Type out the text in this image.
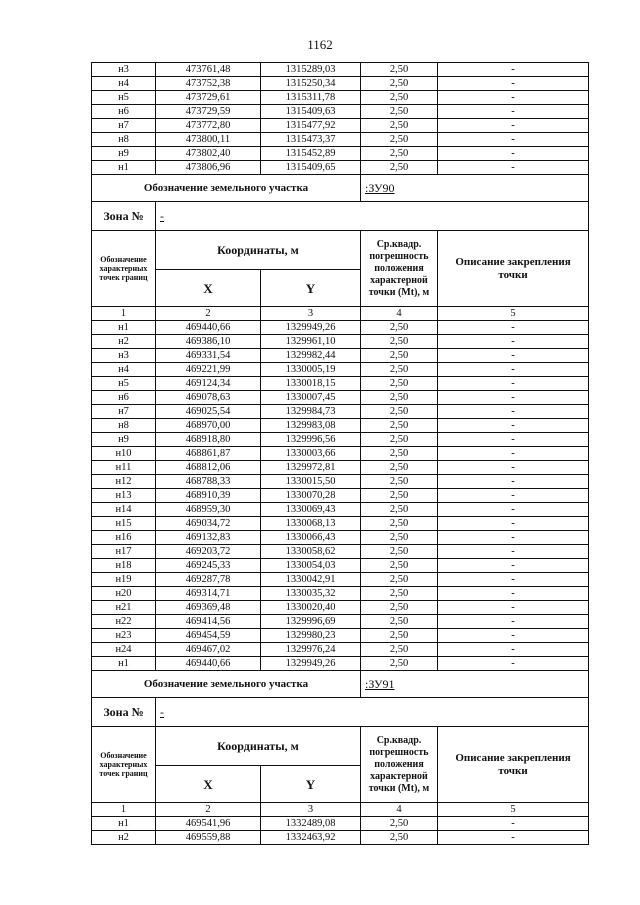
1162
н3	473761,48	1315289,03	2,50	-
н4	473752,38	1315250,34	2,50	-
н5	473729,61	1315311,78	2,50	-
н6	473729,59	1315409,63	2,50	-
н7	473772,80	1315477,92	2,50	-
н8	473800,11	1315473,37	2,50	-
н9	473802,40	1315452,89	2,50	-
н1	473806,96	1315409,65	2,50	-
Обозначение земельного участка			:ЗУ90	
Зона №	-			
Обозначение характерных точек границ	Координаты, м		Ср.квадр. погрешность положения характерной точки (Mt), м	Описание закрепления точки
	X	Y		
1	2	3	4	5
н1	469440,66	1329949,26	2,50	-
н2	469386,10	1329961,10	2,50	-
н3	469331,54	1329982,44	2,50	-
н4	469221,99	1330005,19	2,50	-
н5	469124,34	1330018,15	2,50	-
н6	469078,63	1330007,45	2,50	-
н7	469025,54	1329984,73	2,50	-
н8	468970,00	1329983,08	2,50	-
н9	468918,80	1329996,56	2,50	-
н10	468861,87	1330003,66	2,50	-
н11	468812,06	1329972,81	2,50	-
н12	468788,33	1330015,50	2,50	-
н13	468910,39	1330070,28	2,50	-
н14	468959,30	1330069,43	2,50	-
н15	469034,72	1330068,13	2,50	-
н16	469132,83	1330066,43	2,50	-
н17	469203,72	1330058,62	2,50	-
н18	469245,33	1330054,03	2,50	-
н19	469287,78	1330042,91	2,50	-
н20	469314,71	1330035,32	2,50	-
н21	469369,48	1330020,40	2,50	-
н22	469414,56	1329996,69	2,50	-
н23	469454,59	1329980,23	2,50	-
н24	469467,02	1329976,24	2,50	-
н1	469440,66	1329949,26	2,50	-
Обозначение земельного участка			:ЗУ91	
Зона №	-			
Обозначение характерных точек границ	Координаты, м		Ср.квадр. погрешность положения характерной точки (Mt), м	Описание закрепления точки
	X	Y		
1	2	3	4	5
н1	469541,96	1332489,08	2,50	-
н2	469559,88	1332463,92	2,50	-
